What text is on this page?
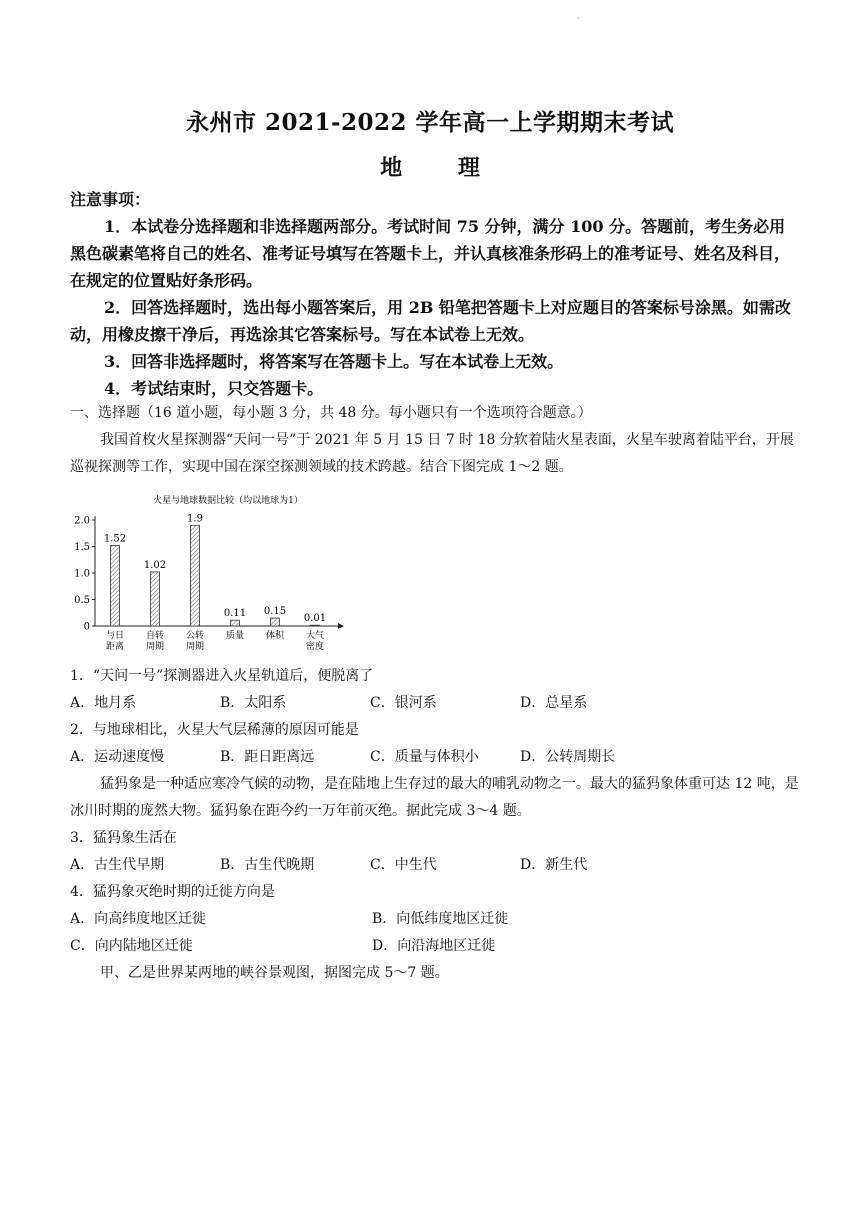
·
永州市 2021-2022 学年高一上学期期末考试
地 理

注意事项：

1．本试卷分选择题和非选择题两部分。考试时间 75 分钟，满分 100 分。答题前，考生务必用黑色碳素笔将自己的姓名、准考证号填写在答题卡上，并认真核准条形码上的准考证号、姓名及科目，在规定的位置贴好条形码。

2．回答选择题时，选出每小题答案后，用 2B 铅笔把答题卡上对应题目的答案标号涂黑。如需改动，用橡皮擦干净后，再选涂其它答案标号。写在本试卷上无效。

3．回答非选择题时，将答案写在答题卡上。写在本试卷上无效。

4．考试结束时，只交答题卡。

一、选择题（16 道小题，每小题 3 分，共 48 分。每小题只有一个选项符合题意。）

我国首枚火星探测器“天问一号”于 2021 年 5 月 15 日 7 时 18 分软着陆火星表面，火星车驶离着陆平台，开展巡视探测等工作，实现中国在深空探测领域的技术跨越。结合下图完成 1～2 题。

火星与地球数据比较（均以地球为1）
0
0.5
1.0
1.5
2.0
1.52
与日
距离
1.02
自转
周期
1.9
公转
周期
0.11
质量
0.15
体积
0.01
大气
密度

1．“天问一号”探测器进入火星轨道后，便脱离了

A．地月系	B．太阳系	C．银河系	D．总星系

2．与地球相比，火星大气层稀薄的原因可能是

A．运动速度慢	B．距日距离远	C．质量与体积小	D．公转周期长

猛犸象是一种适应寒冷气候的动物，是在陆地上生存过的最大的哺乳动物之一。最大的猛犸象体重可达 12 吨，是冰川时期的庞然大物。猛犸象在距今约一万年前灭绝。据此完成 3～4 题。

3．猛犸象生活在

A．古生代早期	B．古生代晚期	C．中生代	D．新生代

4．猛犸象灭绝时期的迁徙方向是

A．向高纬度地区迁徙	B．向低纬度地区迁徙
C．向内陆地区迁徙	D．向沿海地区迁徙

甲、乙是世界某两地的峡谷景观图，据图完成 5～7 题。
